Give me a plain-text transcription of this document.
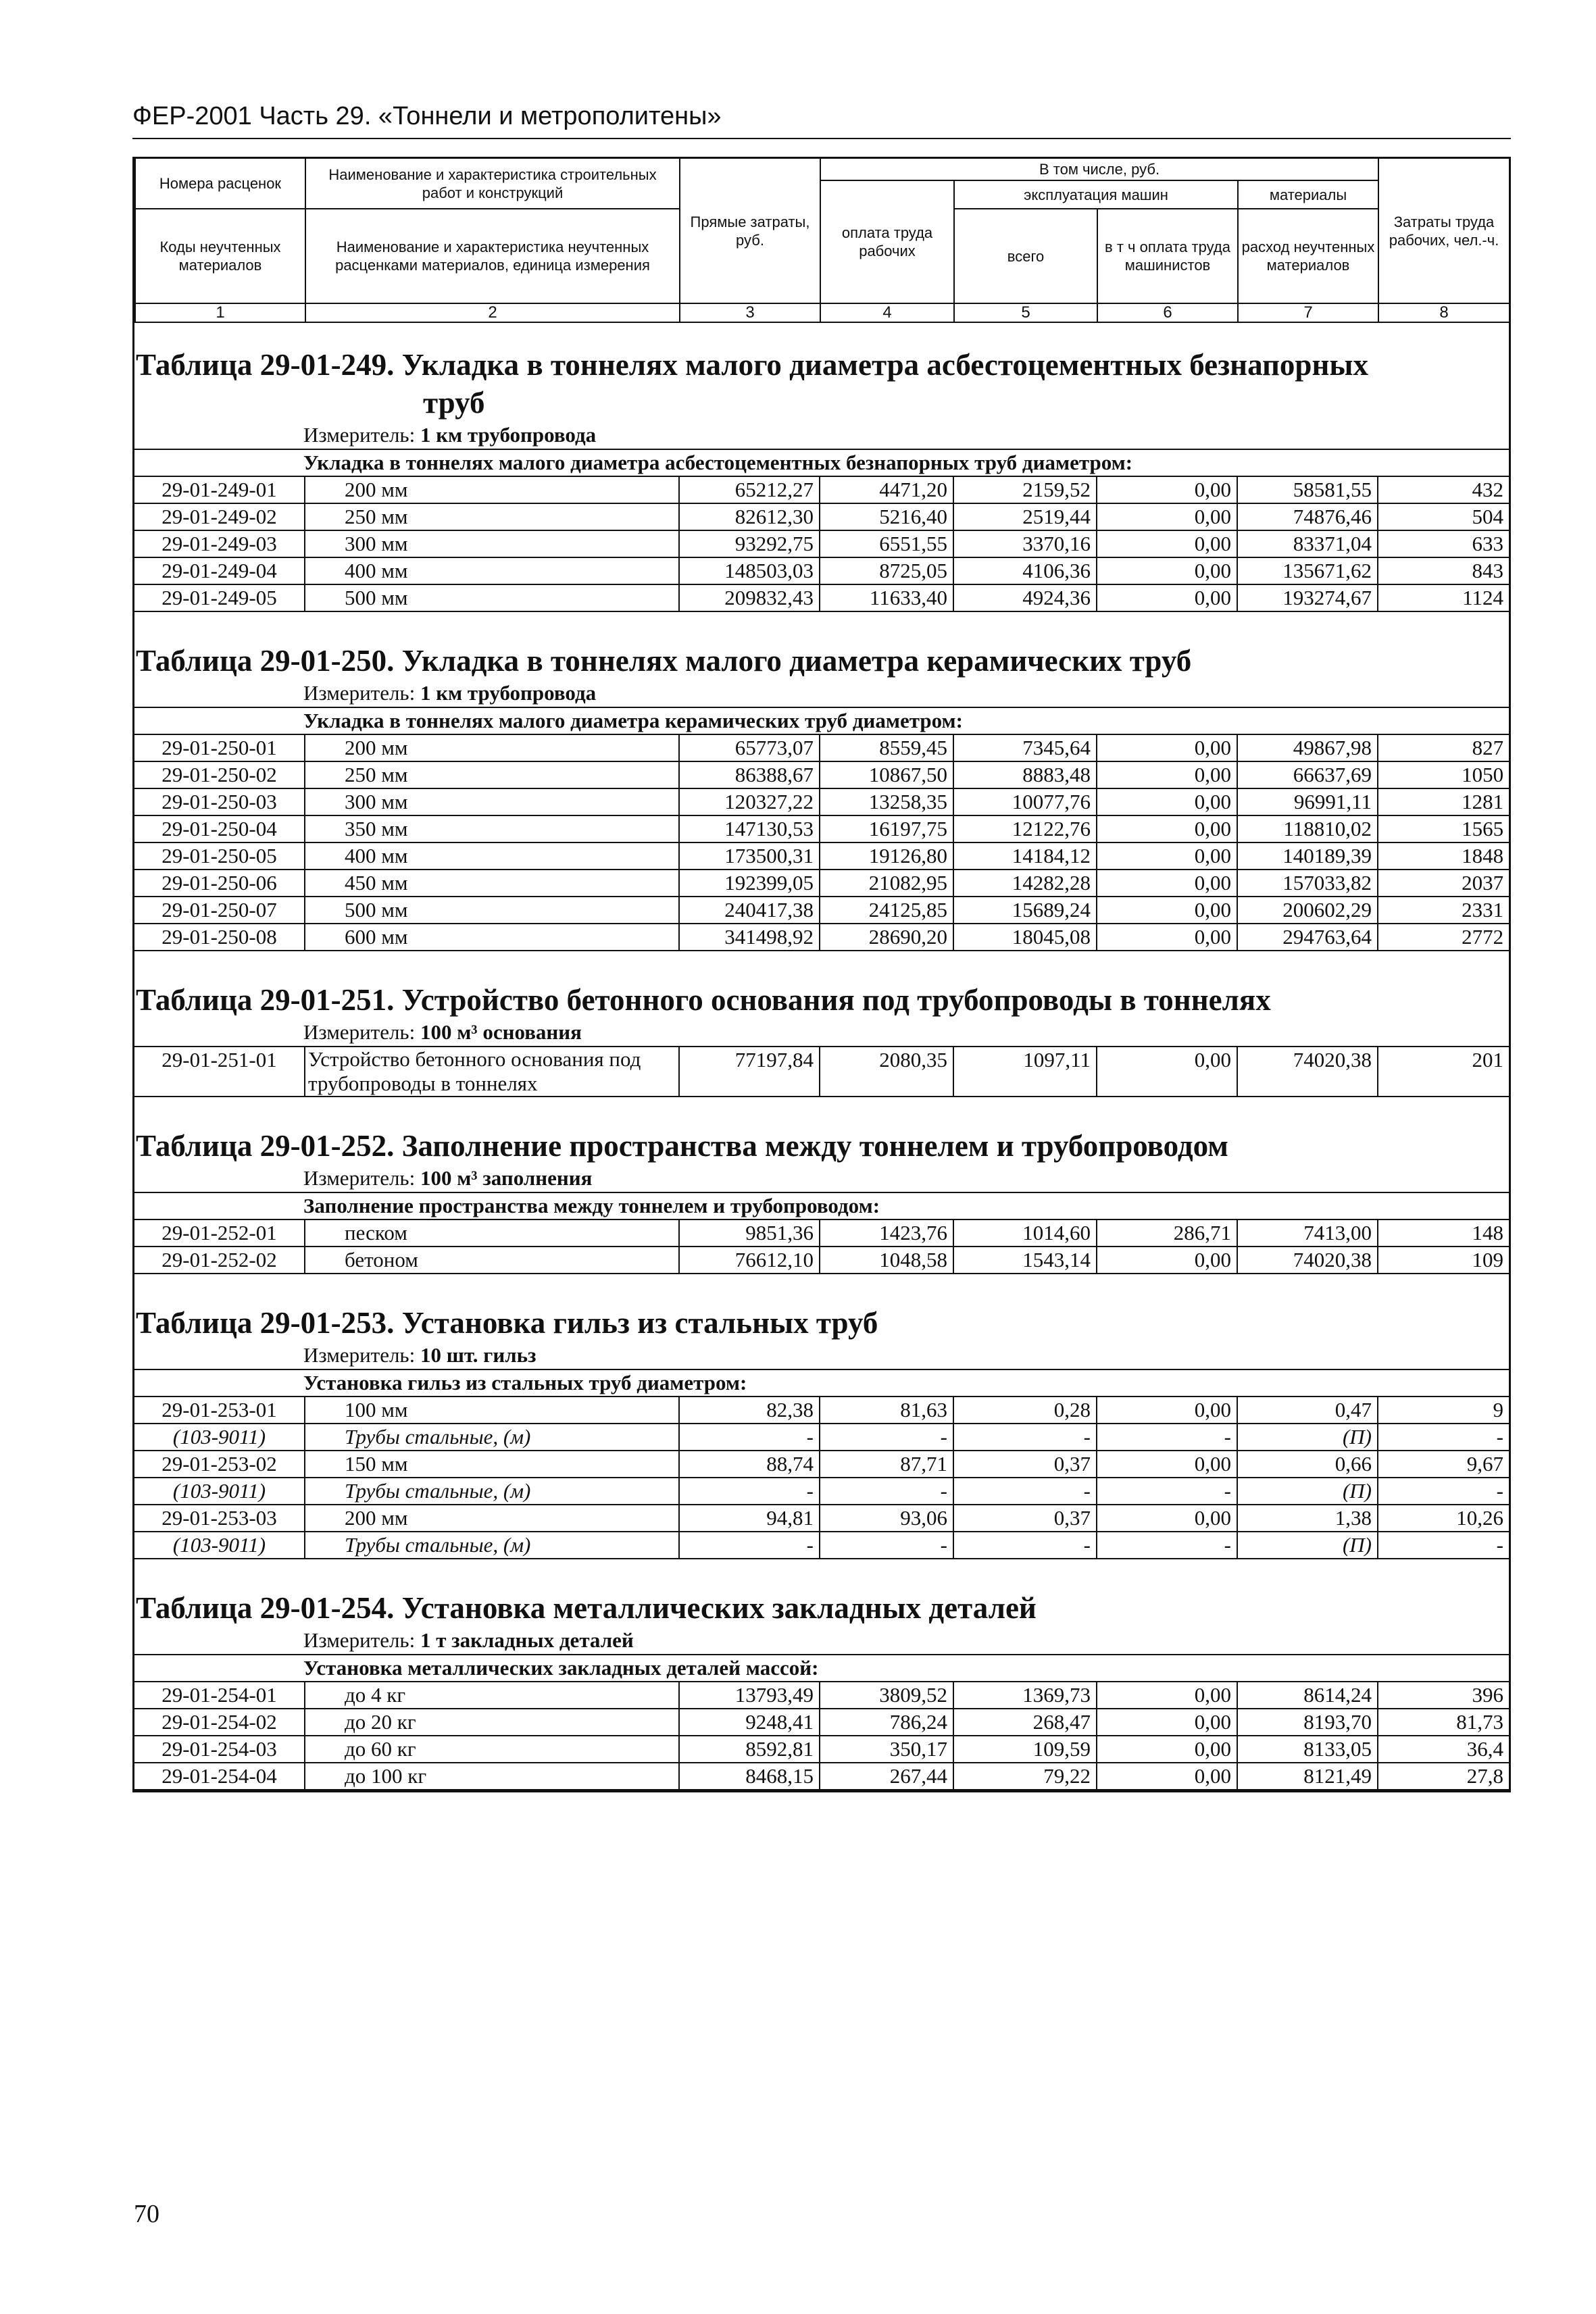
ФЕР-2001 Часть 29. «Тоннели и метрополитены»
Номера расценок	Наименование и характеристика строительных работ и конструкций	Прямые затраты, руб.	В том числе, руб.				Затраты труда рабочих, чел.-ч.
			оплата труда рабочих	эксплуатация машин		материалы	
Коды неучтенных материалов	Наименование и характеристика неучтенных расценками материалов, единица измерения			всего	в т ч оплата труда машинистов	расход неучтенных материалов	

1	2	3	4	5	6	7	8
Таблица 29-01-249. Укладка в тоннелях малого диаметра асбестоцементных безнапорных
труб
Измеритель: 1 км трубопровода
Укладка в тоннелях малого диаметра асбестоцементных безнапорных труб диаметром:							
29-01-249-01	200 мм	65212,27	4471,20	2159,52	0,00	58581,55	432
29-01-249-02	250 мм	82612,30	5216,40	2519,44	0,00	74876,46	504
29-01-249-03	300 мм	93292,75	6551,55	3370,16	0,00	83371,04	633
29-01-249-04	400 мм	148503,03	8725,05	4106,36	0,00	135671,62	843
29-01-249-05	500 мм	209832,43	11633,40	4924,36	0,00	193274,67	1124
Таблица 29-01-250. Укладка в тоннелях малого диаметра керамических труб
Измеритель: 1 км трубопровода
Укладка в тоннелях малого диаметра керамических труб диаметром:							
29-01-250-01	200 мм	65773,07	8559,45	7345,64	0,00	49867,98	827
29-01-250-02	250 мм	86388,67	10867,50	8883,48	0,00	66637,69	1050
29-01-250-03	300 мм	120327,22	13258,35	10077,76	0,00	96991,11	1281
29-01-250-04	350 мм	147130,53	16197,75	12122,76	0,00	118810,02	1565
29-01-250-05	400 мм	173500,31	19126,80	14184,12	0,00	140189,39	1848
29-01-250-06	450 мм	192399,05	21082,95	14282,28	0,00	157033,82	2037
29-01-250-07	500 мм	240417,38	24125,85	15689,24	0,00	200602,29	2331
29-01-250-08	600 мм	341498,92	28690,20	18045,08	0,00	294763,64	2772
Таблица 29-01-251. Устройство бетонного основания под трубопроводы в тоннелях
Измеритель: 100 м³ основания
29-01-251-01	Устройство бетонного основания под трубопроводы в тоннелях	77197,84	2080,35	1097,11	0,00	74020,38	201
Таблица 29-01-252. Заполнение пространства между тоннелем и трубопроводом
Измеритель: 100 м³ заполнения
Заполнение пространства между тоннелем и трубопроводом:							
29-01-252-01	песком	9851,36	1423,76	1014,60	286,71	7413,00	148
29-01-252-02	бетоном	76612,10	1048,58	1543,14	0,00	74020,38	109
Таблица 29-01-253. Установка гильз из стальных труб
Измеритель: 10 шт. гильз
Установка гильз из стальных труб диаметром:							
29-01-253-01	100 мм	82,38	81,63	0,28	0,00	0,47	9
(103-9011)	Трубы стальные, (м)	-	-	-	-	(П)	-
29-01-253-02	150 мм	88,74	87,71	0,37	0,00	0,66	9,67
(103-9011)	Трубы стальные, (м)	-	-	-	-	(П)	-
29-01-253-03	200 мм	94,81	93,06	0,37	0,00	1,38	10,26
(103-9011)	Трубы стальные, (м)	-	-	-	-	(П)	-
Таблица 29-01-254. Установка металлических закладных деталей
Измеритель: 1 т закладных деталей
Установка металлических закладных деталей массой:							
29-01-254-01	до 4 кг	13793,49	3809,52	1369,73	0,00	8614,24	396
29-01-254-02	до 20 кг	9248,41	786,24	268,47	0,00	8193,70	81,73
29-01-254-03	до 60 кг	8592,81	350,17	109,59	0,00	8133,05	36,4
29-01-254-04	до 100 кг	8468,15	267,44	79,22	0,00	8121,49	27,8
70
